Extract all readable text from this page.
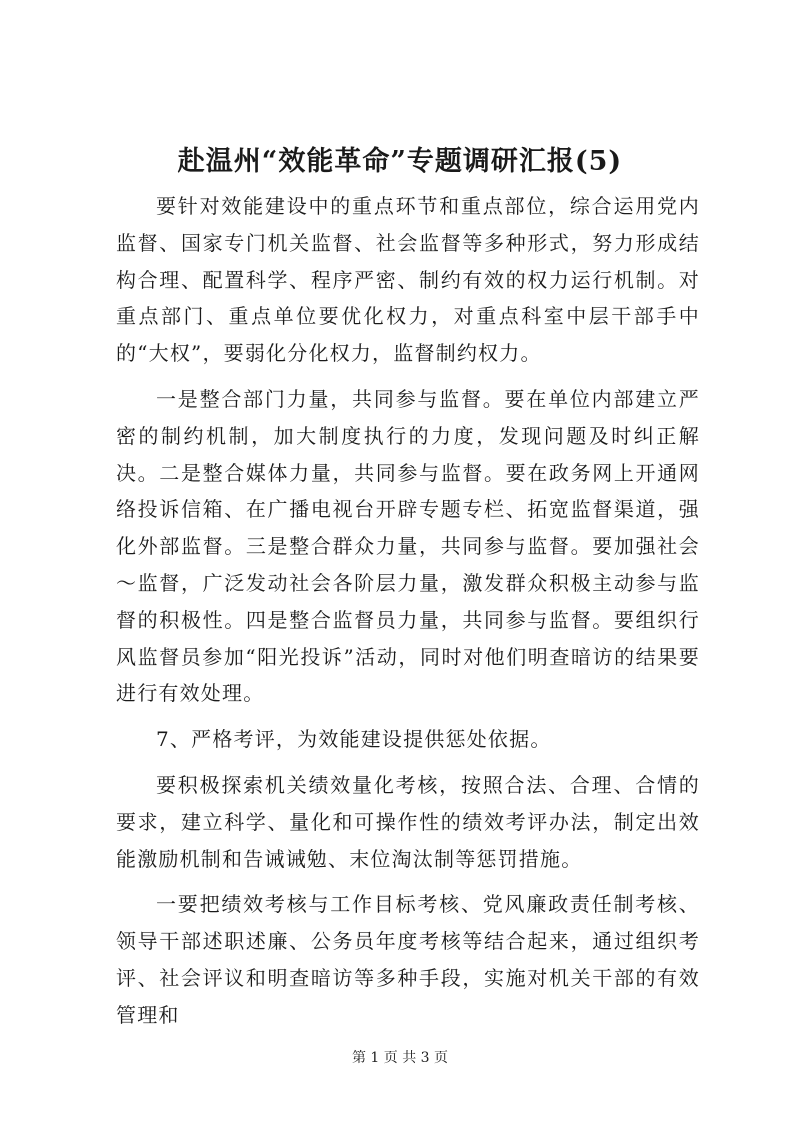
赴温州“效能革命”专题调研汇报(5)

要针对效能建设中的重点环节和重点部位，综合运用党内监督、国家专门机关监督、社会监督等多种形式，努力形成结构合理、配置科学、程序严密、制约有效的权力运行机制。对重点部门、重点单位要优化权力，对重点科室中层干部手中的“大权”，要弱化分化权力，监督制约权力。

一是整合部门力量，共同参与监督。要在单位内部建立严密的制约机制，加大制度执行的力度，发现问题及时纠正解决。二是整合媒体力量，共同参与监督。要在政务网上开通网络投诉信箱、在广播电视台开辟专题专栏、拓宽监督渠道，强化外部监督。三是整合群众力量，共同参与监督。要加强社会～监督，广泛发动社会各阶层力量，激发群众积极主动参与监督的积极性。四是整合监督员力量，共同参与监督。要组织行风监督员参加“阳光投诉”活动，同时对他们明查暗访的结果要进行有效处理。

7、严格考评，为效能建设提供惩处依据。

要积极探索机关绩效量化考核，按照合法、合理、合情的要求，建立科学、量化和可操作性的绩效考评办法，制定出效能激励机制和告诫诫勉、末位淘汰制等惩罚措施。

一要把绩效考核与工作目标考核、党风廉政责任制考核、领导干部述职述廉、公务员年度考核等结合起来，通过组织考评、社会评议和明查暗访等多种手段，实施对机关干部的有效管理和

第 1 页 共 3 页
